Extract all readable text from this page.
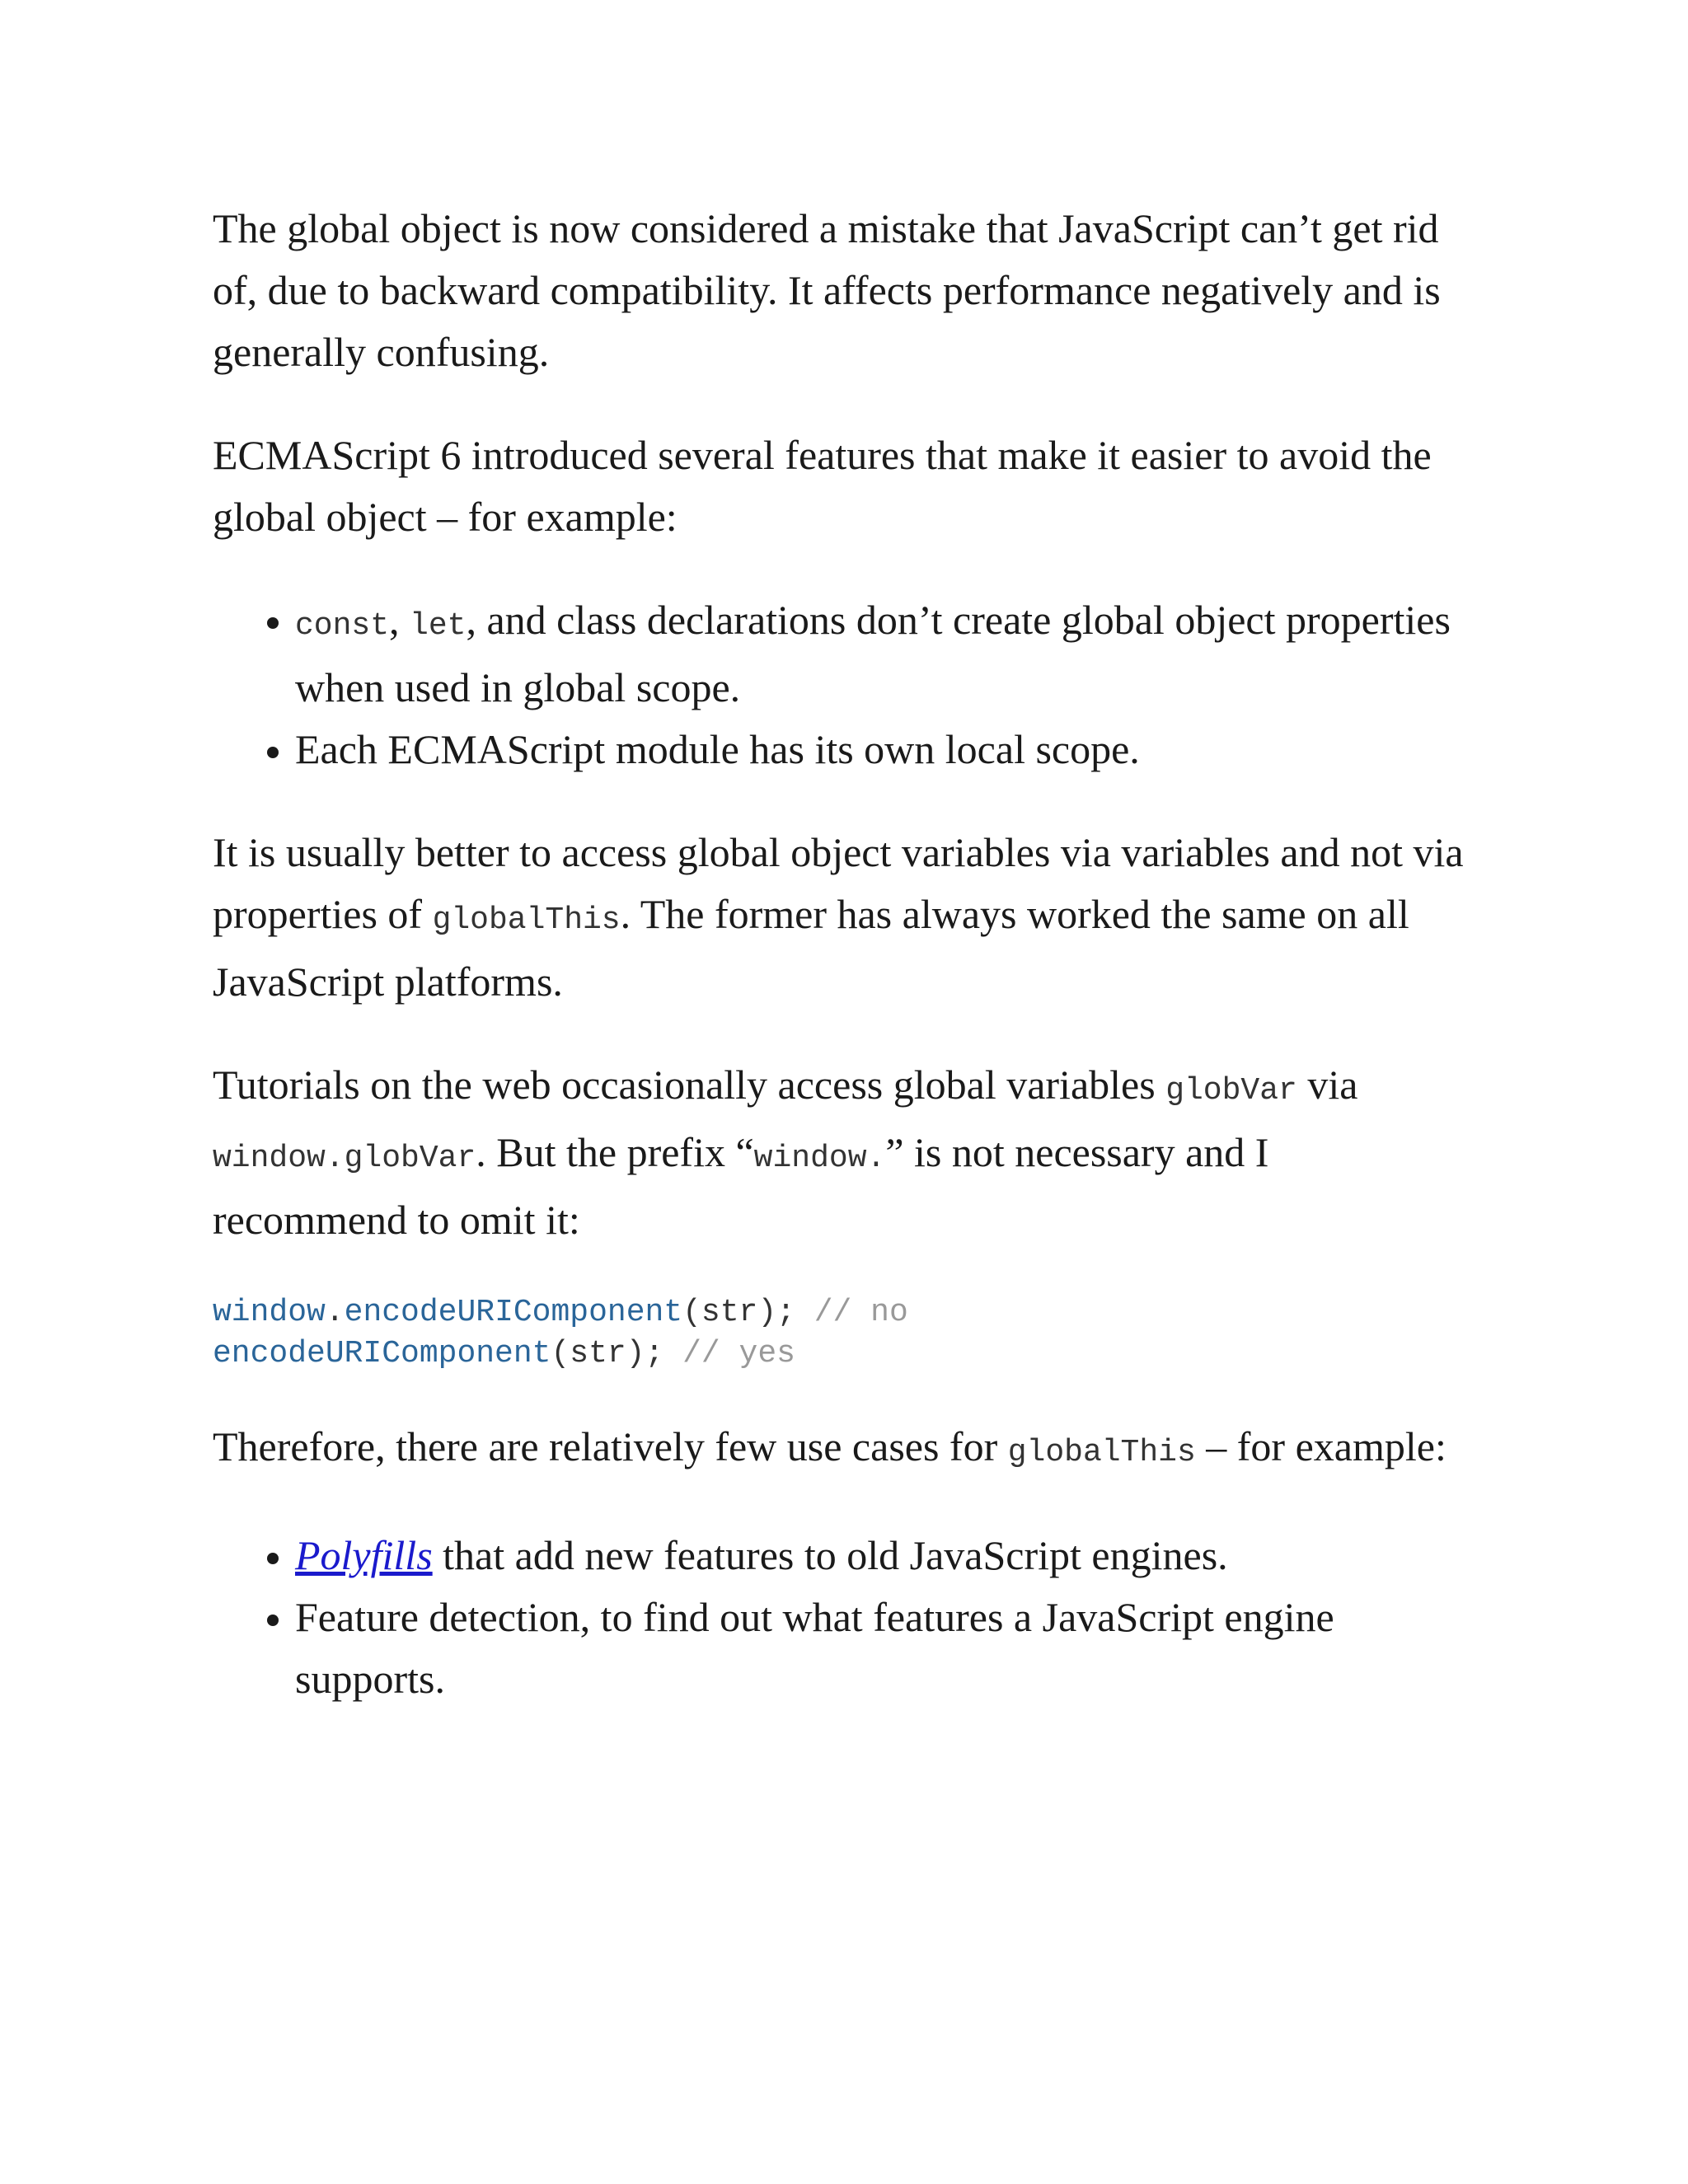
The global object is now considered a mistake that JavaScript can’t get rid of, due to backward compatibility. It affects performance negatively and is generally confusing.

ECMAScript 6 introduced several features that make it easier to avoid the global object – for example:

• const, let, and class declarations don’t create global object properties when used in global scope.
• Each ECMAScript module has its own local scope.

It is usually better to access global object variables via variables and not via properties of globalThis. The former has always worked the same on all JavaScript platforms.

Tutorials on the web occasionally access global variables globVar via window.globVar. But the prefix “window.” is not necessary and I recommend to omit it:

window.encodeURIComponent(str); // no
encodeURIComponent(str); // yes

Therefore, there are relatively few use cases for globalThis – for example:

• Polyfills that add new features to old JavaScript engines.
• Feature detection, to find out what features a JavaScript engine supports.
